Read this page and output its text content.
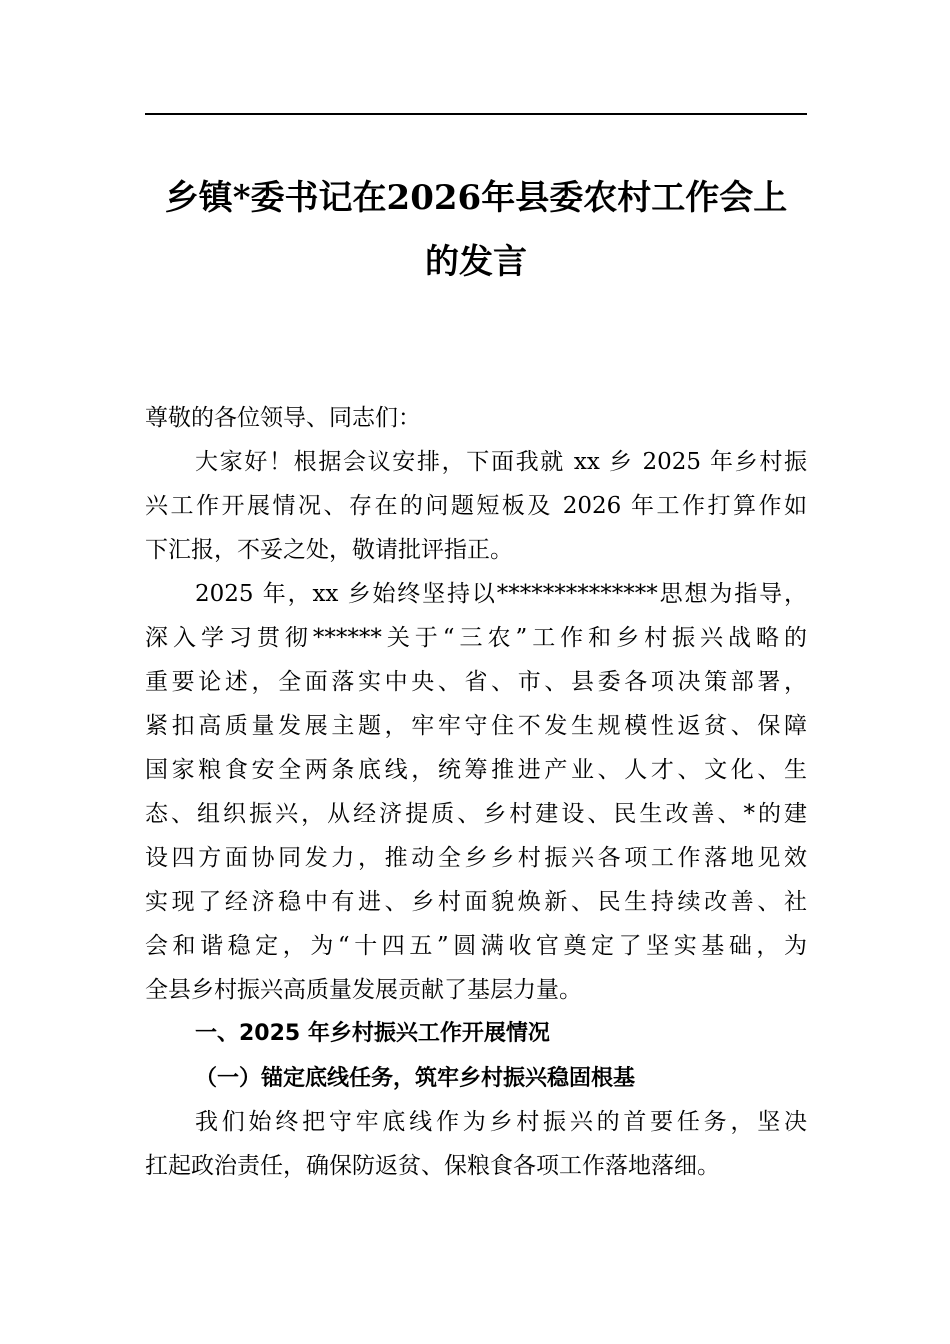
乡镇*委书记在2026年县委农村工作会上
的发言
尊敬的各位领导、同志们：
大家好！根据会议安排，下面我就 xx 乡 2025 年乡村振
兴工作开展情况、存在的问题短板及 2026 年工作打算作如
下汇报，不妥之处，敬请批评指正。
2025 年，xx 乡始终坚持以**************思想为指导，
深入学习贯彻******关于“三农”工作和乡村振兴战略的
重要论述，全面落实中央、省、市、县委各项决策部署，
紧扣高质量发展主题，牢牢守住不发生规模性返贫、保障
国家粮食安全两条底线，统筹推进产业、人才、文化、生
态、组织振兴，从经济提质、乡村建设、民生改善、*的建
设四方面协同发力，推动全乡乡村振兴各项工作落地见效
实现了经济稳中有进、乡村面貌焕新、民生持续改善、社
会和谐稳定，为“十四五”圆满收官奠定了坚实基础，为
全县乡村振兴高质量发展贡献了基层力量。
一、2025 年乡村振兴工作开展情况
（一）锚定底线任务，筑牢乡村振兴稳固根基
我们始终把守牢底线作为乡村振兴的首要任务，坚决
扛起政治责任，确保防返贫、保粮食各项工作落地落细。
